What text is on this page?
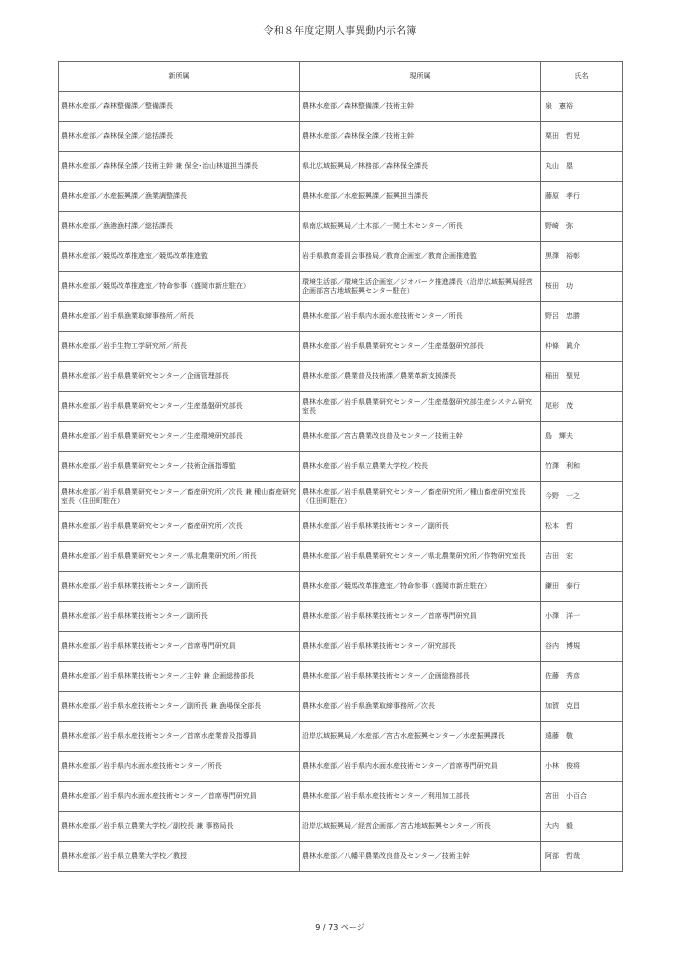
令和８年度定期人事異動内示名簿
新所属	現所属	氏名
農林水産部／森林整備課／整備課長	農林水産部／森林整備課／技術主幹	泉　憲裕
農林水産部／森林保全課／総括課長	農林水産部／森林保全課／技術主幹	栗田　哲児
農林水産部／森林保全課／技術主幹 兼 保全･治山林道担当課長	県北広域振興局／林務部／森林保全課長	丸山　塁
農林水産部／水産振興課／漁業調整課長	農林水産部／水産振興課／振興担当課長	藤原　孝行
農林水産部／漁港漁村課／総括課長	県南広域振興局／土木部／一関土木センター／所長	野崎　弥
農林水産部／競馬改革推進室／競馬改革推進監	岩手県教育委員会事務局／教育企画室／教育企画推進監	黒澤　裕彰
農林水産部／競馬改革推進室／特命参事（盛岡市新庄駐在）	環境生活部／環境生活企画室／ジオパーク推進課長（沿岸広域振興局経営企画部宮古地域振興センター駐在）	桜田　功
農林水産部／岩手県漁業取締事務所／所長	農林水産部／岩手県内水面水産技術センター／所長	野呂　忠勝
農林水産部／岩手生物工学研究所／所長	農林水産部／岩手県農業研究センター／生産基盤研究部長	仲條　眞介
農林水産部／岩手県農業研究センター／企画管理部長	農林水産部／農業普及技術課／農業革新支援課長	稲田　聖児
農林水産部／岩手県農業研究センター／生産基盤研究部長	農林水産部／岩手県農業研究センター／生産基盤研究部生産システム研究室長	尾形　茂
農林水産部／岩手県農業研究センター／生産環境研究部長	農林水産部／宮古農業改良普及センター／技術主幹	島　輝夫
農林水産部／岩手県農業研究センター／技術企画指導監	農林水産部／岩手県立農業大学校／校長	竹澤　利和
農林水産部／岩手県農業研究センター／畜産研究所／次長 兼 種山畜産研究室長（住田町駐在）	農林水産部／岩手県農業研究センター／畜産研究所／種山畜産研究室長（住田町駐在）	今野　一之
農林水産部／岩手県農業研究センター／畜産研究所／次長	農林水産部／岩手県林業技術センター／副所長	松本　哲
農林水産部／岩手県農業研究センター／県北農業研究所／所長	農林水産部／岩手県農業研究センター／県北農業研究所／作物研究室長	吉田　宏
農林水産部／岩手県林業技術センター／副所長	農林水産部／競馬改革推進室／特命参事（盛岡市新庄駐在）	鎌田　泰行
農林水産部／岩手県林業技術センター／副所長	農林水産部／岩手県林業技術センター／首席専門研究員	小澤　洋一
農林水産部／岩手県林業技術センター／首席専門研究員	農林水産部／岩手県林業技術センター／研究部長	谷内　博規
農林水産部／岩手県林業技術センター／主幹 兼 企画総務部長	農林水産部／岩手県林業技術センター／企画総務部長	佐藤　秀彦
農林水産部／岩手県水産技術センター／副所長 兼 漁場保全部長	農林水産部／岩手県漁業取締事務所／次長	加賀　克昌
農林水産部／岩手県水産技術センター／首席水産業普及指導員	沿岸広域振興局／水産部／宮古水産振興センター／水産振興課長	遠藤　敬
農林水産部／岩手県内水面水産技術センター／所長	農林水産部／岩手県内水面水産技術センター／首席専門研究員	小林　俊将
農林水産部／岩手県内水面水産技術センター／首席専門研究員	農林水産部／岩手県水産技術センター／利用加工部長	宮田　小百合
農林水産部／岩手県立農業大学校／副校長 兼 事務局長	沿岸広域振興局／経営企画部／宮古地域振興センター／所長	大内　毅
農林水産部／岩手県立農業大学校／教授	農林水産部／八幡平農業改良普及センター／技術主幹	阿部　哲哉
9 / 73 ページ
